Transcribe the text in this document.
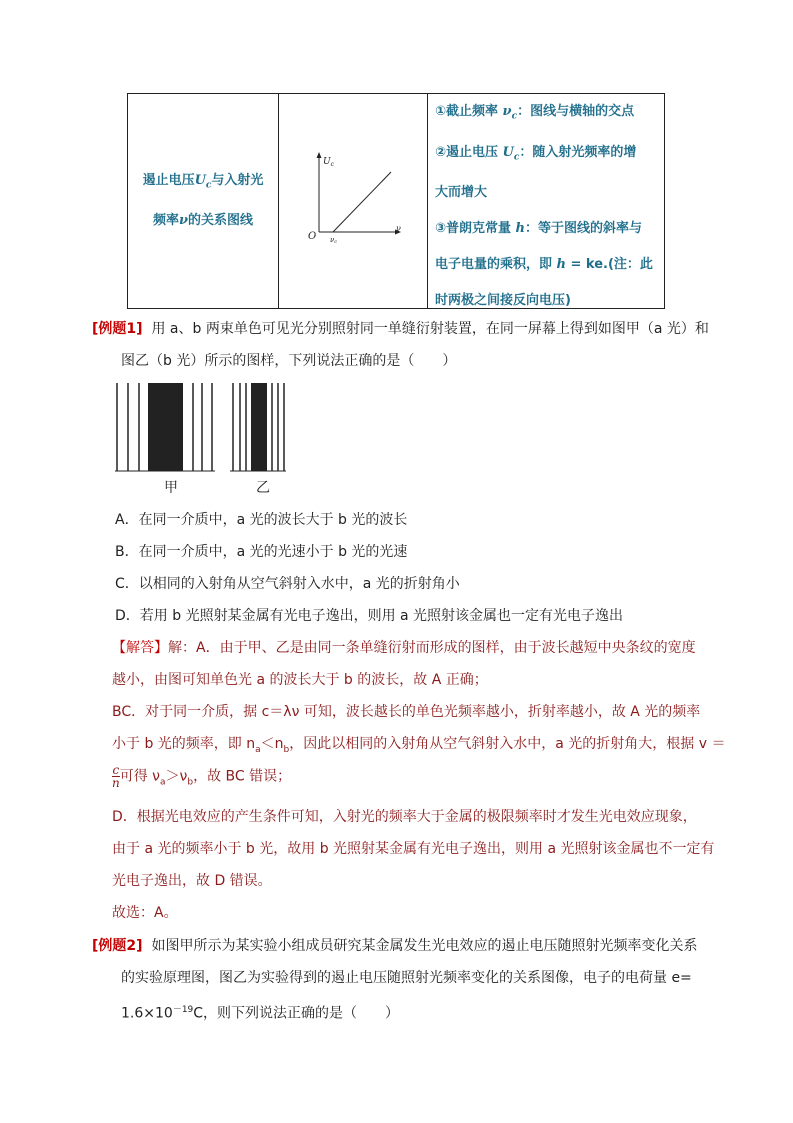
遏止电压$U_c$与入射光
频率ν的关系图线
$U_c$
ν
O νc
①截止频率 $\nu_c$：图线与横轴的交点
②遏止电压 $U_c$：随入射光频率的增
大而增大
③普朗克常量 h：等于图线的斜率与
电子电量的乘积，即 h = ke.(注：此
时两极之间接反向电压)
[例题1] 用 a、b 两束单色可见光分别照射同一单缝衍射装置，在同一屏幕上得到如图甲（a 光）和
图乙（b 光）所示的图样，下列说法正确的是（　　）
甲	乙
A．在同一介质中，a 光的波长大于 b 光的波长
B．在同一介质中，a 光的光速小于 b 光的光速
C．以相同的入射角从空气斜射入水中，a 光的折射角小
D．若用 b 光照射某金属有光电子逸出，则用 a 光照射该金属也一定有光电子逸出
【解答】解：A．由于甲、乙是由同一条单缝衍射而形成的图样，由于波长越短中央条纹的宽度
越小，由图可知单色光 a 的波长大于 b 的波长，故 A 正确；
BC．对于同一介质，据 c＝λν 可知，波长越长的单色光频率越小，折射率越小，故 A 光的频率
小于 b 光的频率，即 $n_a<n_b$，因此以相同的入射角从空气斜射入水中，a 光的折射角大，根据 v ＝
$\frac{c}{n}$ 可得 $\nu_a>\nu_b$，故 BC 错误；
D．根据光电效应的产生条件可知，入射光的频率大于金属的极限频率时才发生光电效应现象，
由于 a 光的频率小于 b 光，故用 b 光照射某金属有光电子逸出，则用 a 光照射该金属也不一定有
光电子逸出，故 D 错误。
故选：A。
[例题2] 如图甲所示为某实验小组成员研究某金属发生光电效应的遏止电压随照射光频率变化关系
的实验原理图，图乙为实验得到的遏止电压随照射光频率变化的关系图像，电子的电荷量 e=
$1.6\times 10^{-19}C$，则下列说法正确的是（　　）
